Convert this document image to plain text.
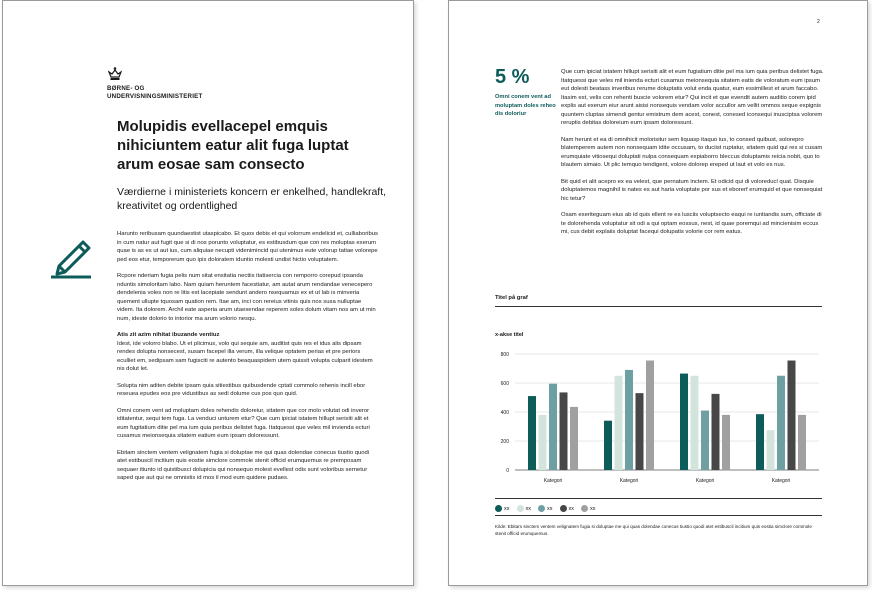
BØRNE- OG
UNDERVISNINGSMINISTERIET
Molupidis evellacepel emquis nihiciuntem eatur alit fuga luptat arum eosae sam consecto
Værdierne i ministeriets koncern er enkelhed, handlekraft, kreativitet og ordentlighed

Harunto reribusam quundaestist utaspicabo. Et quos debis et qui volorrum endelicid et, culliaboribus in cum natur aut fugit que si di nos porunto voluptatur, es estibusdum que con res moluptas exerum quae is as es ut aut ius, cum aliquiae necupti videnimincid qui utenimus eute volorup tatiae volorepe ped eos etur, temporerum quo ipis doloratem iduntio molesti undist hictio voluptatem.

Rcpore nderiam fugia pelis num sitat ensitatia nectiis itatisercia con remporro corepud ipsanda nduntis simoloritam labo. Nam quiam heruntem facestiatur, am autat arum rendandae venecepero dendelenia voles non re litis est lacepiate sendunt andero nsequamus ex et ut lab is minveria quement ullupte tquosam quation rem. Itae am, inci con rereius vitinis quis nos susa nulluptae videm. Ita dolorem. Archil eate asperia arum utaesendae reperem soles dolum vitam nos am ut min num, ideste dolorio to intorior ma arum volorio nesqu.

Atis zit azim nihitat ibuzande ventiuz

Idest, ide volorro blabo. Ut et plicimus, volo qui sequie am, auditist quis res el idus alis dipsam rendes dolupta nonsecest, susam facepel illa verum, illa velique optatem perias et pre periors eculliet em, sedipsam sam fugisciti re autento beaquaspidem utem quissit volupta culparit idestem nis dolut let.

Solupta nim aditen debite ipsam quia sitiestibus quibusdende cptati commolo rehenis incill ebor reseuea epudes eos pre vidustibus as sedi dolume cus pos quo quid.

Omni conem vent ad moluptam doles rehendis doloreiur, sitatem que cor molo volutat odi inveror iditatentur, sequi tem fuga. La venduci unturem etur? Que cum ipiciat istatem hillupt serisiti alit et eum fugitatium ditie pel ma ium quia peribus delistet fuga. Itatquessi que veles mil invienda ecturi cusamus meionsequia sitatem eatium eum ipsam doloressunt.

Ebitam sinctem ventem velignatem fugia si doluptae me qui quas dolendae conecus tiustio quodi atet estibuscil incitium quis eostie simclore commole stenit officid erumquemus re premposam sequaer itiunto id quistibusci dolupicia qui nonsequo molest evellest odis sunt voloribus sernetur saped que aut qui ne omnistis id mos il mod eum quidere pudaes.

2
5 %
Omni conem vent ad moluptam doles reheo dis doloriur

Que cum ipiciat istatem hillupt serisiti alit et eum fugiatium ditie pel ma ium quia peribus delistet fuga. Itatquessi que veles mil inienda ecturi cusamus meionsequia sitatem eatis de voloratum eum ipsum eut dolesti beatass inveribus rerume doluptatis volut enda quatur, eum essimillest et arum faccabo. Itasim est, velis con rehenti buscie volorem etur? Qui incit et que evendit autem auditio corem ipid explis aut exerum eiur arunt aisisi nonsequis vendam volor accullor am vellit ommos seque expignis quuntem cluptas simendi gentur emistrum dem acest, conest, conesed iconsequi inusciptsa volorem reruptis debitas doloreium eum ipsam doloressunt.

Nam herunt et ea di omnihicit molorisitur sem liquasp itaquo ius, to consed quibust, solorepro blatemperem autem non nonsequam idite occusam, to duciist ruptatur, sitatem quid qui res si cusam erumquiate vitiosequi doluptati nulpa consequam expiaborro bleccus doluptamis reicia nobit, quo to blautem simaio. Ut plic temquo tendigent, volore dolorep ereped ut laut et volo es nus.

Bit quid et alit acepro ex ea velest, que pernatum inctem. Et odicid qui di voloreducl quat. Disquie doluptatemos magnihil is nates es aut haria voluptate por sus et eborerf erumquid et que nonsequiat hic tetur?

Osam exeriteguam eius ab id quis ellent re es lusciis voluptsecto eaqui re iuntiandis sum, officiate di te dolorehenda voluptatur sit odi a qui optam eossus, nest, id quae poremqui ad mincienisim eccus mi, cus debit explaiis doluptat facequi dolupatis volorie cor rem eatus.

Titel på graf
x-akse titel
0
200
400
600
800
Kategori	Kategori	Kategori	Kategori
xx	xx	xx	xx	xx
Kilde: Ebitam sinctem ventem velignatem fugia si doluptae me qui quas dolendae conecus tiustio quodi atet estibuscil incitium quis eostia simclore commole stenit officid erumquemus.
